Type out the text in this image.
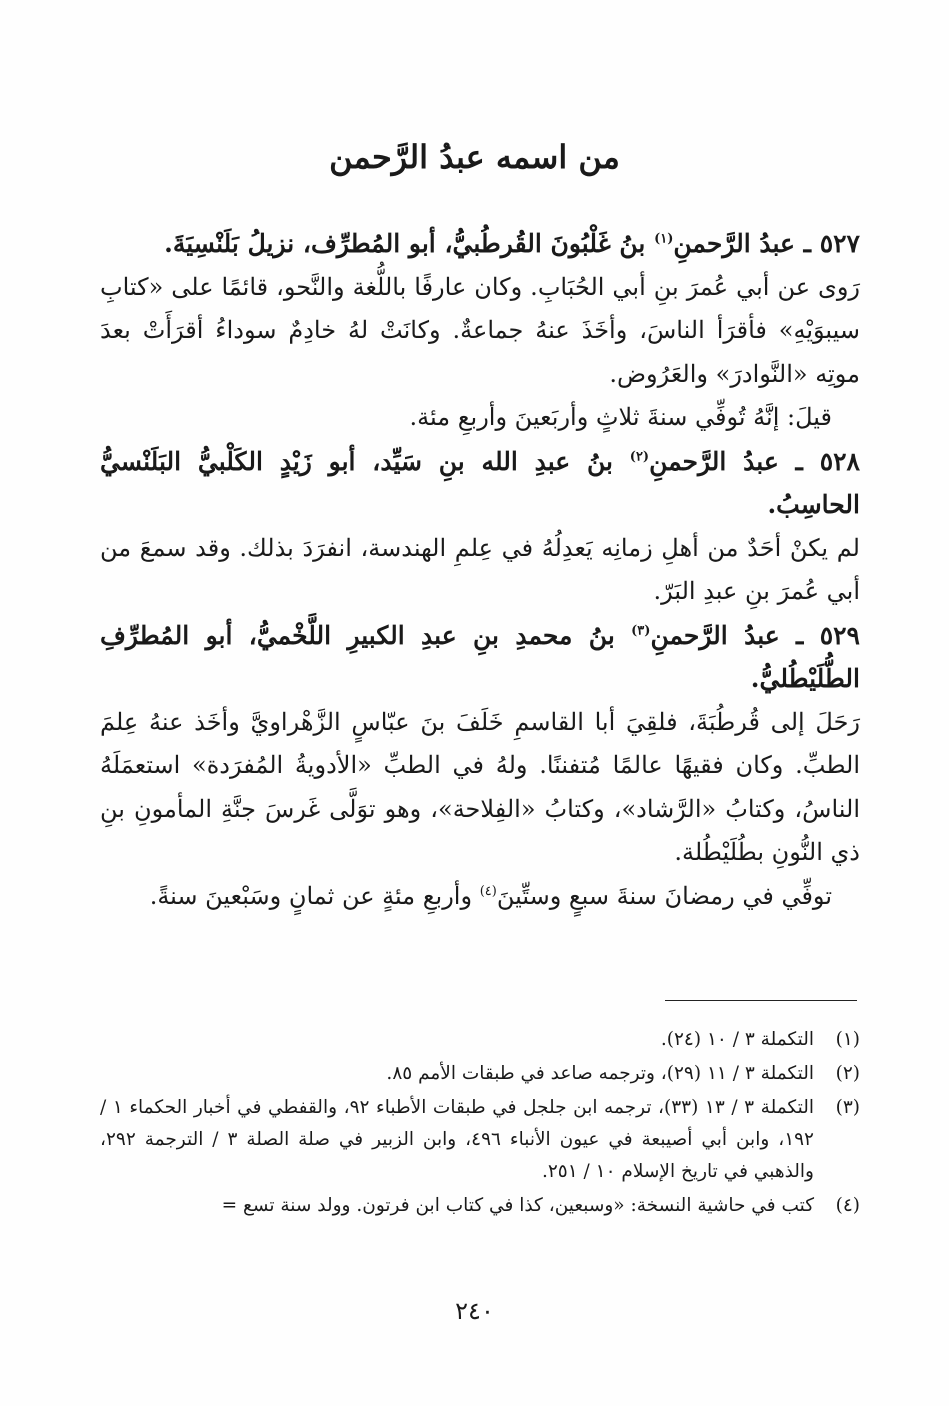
من اسمه عبدُ الرَّحمن

٥٢٧ ـ عبدُ الرَّحمنِ$^{(١)}$ بنُ غَلْبُونَ القُرطُبيُّ، أبو المُطرِّف، نزيلُ بَلَنْسِيَةَ.

رَوى عن أبي عُمرَ بنِ أبي الحُبَابِ. وكان عارفًا باللُّغة والنَّحو، قائمًا على «كتابِ سيبوَيْهِ» فأقرَأ الناسَ، وأخَذَ عنهُ جماعةٌ. وكانَتْ لهُ خادِمٌ سوداءُ أقرَأَتْ بعدَ موتِه «النَّوادرَ» والعَرُوض.

قيلَ: إنَّهُ تُوفِّي سنةَ ثلاثٍ وأربَعينَ وأربعِ مئة.

٥٢٨ ـ عبدُ الرَّحمنِ$^{(٢)}$ بنُ عبدِ الله بنِ سَيِّد، أبو زَيْدٍ الكَلْبيُّ البَلَنْسيُّ الحاسِبُ.

لم يكنْ أحَدٌ من أهلِ زمانِه يَعدِلُهُ في عِلمِ الهندسة، انفرَدَ بذلك. وقد سمعَ من أبي عُمرَ بنِ عبدِ البَرّ.

٥٢٩ ـ عبدُ الرَّحمنِ$^{(٣)}$ بنُ محمدِ بنِ عبدِ الكبيرِ اللَّخْميُّ، أبو المُطرِّفِ الطُّلَيْطُليُّ.

رَحَلَ إلى قُرطُبَةَ، فلقِيَ أبا القاسمِ خَلَفَ بنَ عبّاسٍ الزَّهْراويَّ وأخَذ عنهُ عِلمَ الطبِّ. وكان فقيهًا عالمًا مُتفننًا. ولهُ في الطبِّ «الأدويةُ المُفرَدة» استعمَلَهُ الناسُ، وكتابُ «الرَّشاد»، وكتابُ «الفِلاحة»، وهو توَلَّى غَرسَ جنَّةِ المأمونِ بنِ ذي النُّونِ بطُلَيْطُلة.

توفِّي في رمضانَ سنةَ سبعٍ وستِّينَ$^{(٤)}$ وأربعِ مئةٍ عن ثمانٍ وسَبْعينَ سنةً.

(١)
التكملة ٣ / ١٠ (٢٤).
(٢)
التكملة ٣ / ١١ (٢٩)، وترجمه صاعد في طبقات الأمم ٨٥.
(٣)
التكملة ٣ / ١٣ (٣٣)، ترجمه ابن جلجل في طبقات الأطباء ٩٢، والقفطي في أخبار الحكماء ١ / ١٩٢، وابن أبي أصيبعة في عيون الأنباء ٤٩٦، وابن الزبير في صلة الصلة ٣ / الترجمة ٢٩٢، والذهبي في تاريخ الإسلام ١٠ / ٢٥١.
(٤)
كتب في حاشية النسخة: «وسبعين، كذا في كتاب ابن فرتون. وولد سنة تسع =
٢٤٠
